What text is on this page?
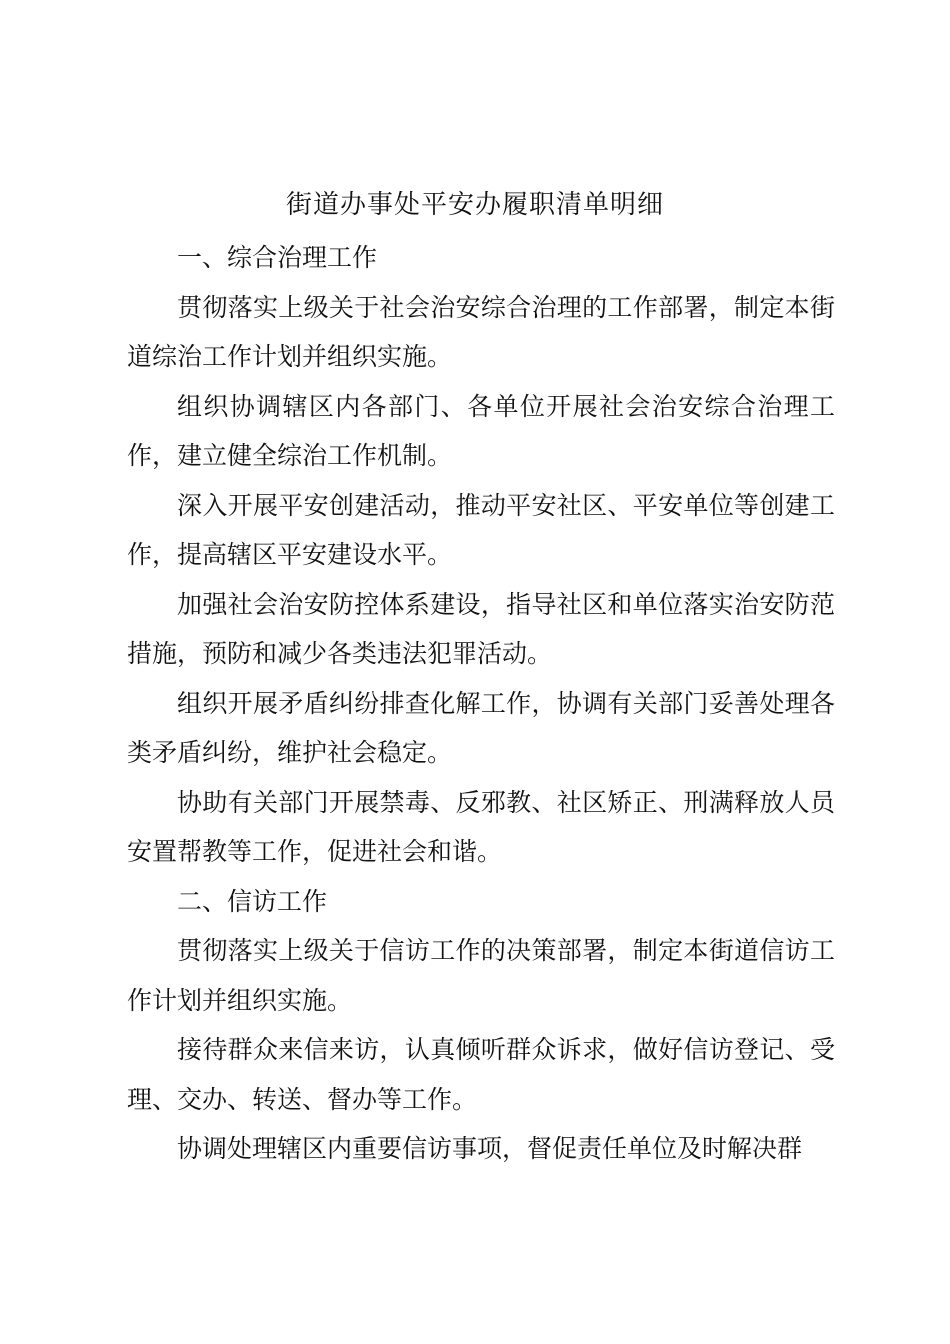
街道办事处平安办履职清单明细

一、综合治理工作

贯彻落实上级关于社会治安综合治理的工作部署，制定本街道综治工作计划并组织实施。

组织协调辖区内各部门、各单位开展社会治安综合治理工作，建立健全综治工作机制。

深入开展平安创建活动，推动平安社区、平安单位等创建工作，提高辖区平安建设水平。

加强社会治安防控体系建设，指导社区和单位落实治安防范措施，预防和减少各类违法犯罪活动。

组织开展矛盾纠纷排查化解工作，协调有关部门妥善处理各类矛盾纠纷，维护社会稳定。

协助有关部门开展禁毒、反邪教、社区矫正、刑满释放人员安置帮教等工作，促进社会和谐。

二、信访工作

贯彻落实上级关于信访工作的决策部署，制定本街道信访工作计划并组织实施。

接待群众来信来访，认真倾听群众诉求，做好信访登记、受理、交办、转送、督办等工作。

协调处理辖区内重要信访事项，督促责任单位及时解决群
